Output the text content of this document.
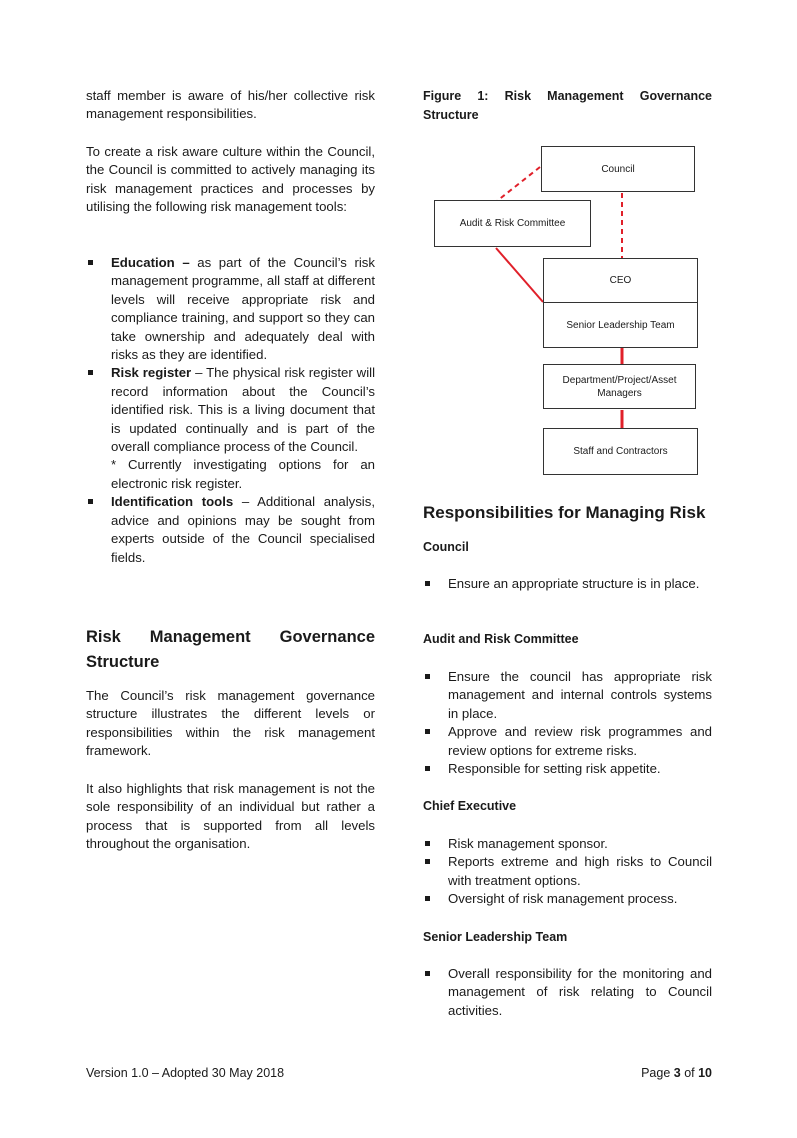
staff member is aware of his/her collective risk management responsibilities.

To create a risk aware culture within the Council, the Council is committed to actively managing its risk management practices and processes by utilising the following risk management tools:

Education – as part of the Council’s risk management programme, all staff at different levels will receive appropriate risk and compliance training, and support so they can take ownership and adequately deal with risks as they are identified.
Risk register – The physical risk register will record information about the Council’s identified risk. This is a living document that is updated continually and is part of the overall compliance process of the Council.
* Currently investigating options for an electronic risk register.
Identification tools – Additional analysis, advice and opinions may be sought from experts outside of the Council specialised fields.
Risk Management Governance Structure

The Council’s risk management governance structure illustrates the different levels or responsibilities within the risk management framework.

It also highlights that risk management is not the sole responsibility of an individual but rather a process that is supported from all levels throughout the organisation.

Figure 1: Risk Management Governance Structure
Council
Audit & Risk Committee
CEO
Senior Leadership Team
Department/Project/Asset Managers
Staff and Contractors
Responsibilities for Managing Risk
Council
Ensure an appropriate structure is in place.
Audit and Risk Committee
Ensure the council has appropriate risk management and internal controls systems in place.
Approve and review risk programmes and review options for extreme risks.
Responsible for setting risk appetite.
Chief Executive
Risk management sponsor.
Reports extreme and high risks to Council with treatment options.
Oversight of risk management process.
Senior Leadership Team
Overall responsibility for the monitoring and management of risk relating to Council activities.
Version 1.0 – Adopted 30 May 2018	Page 3 of 10
